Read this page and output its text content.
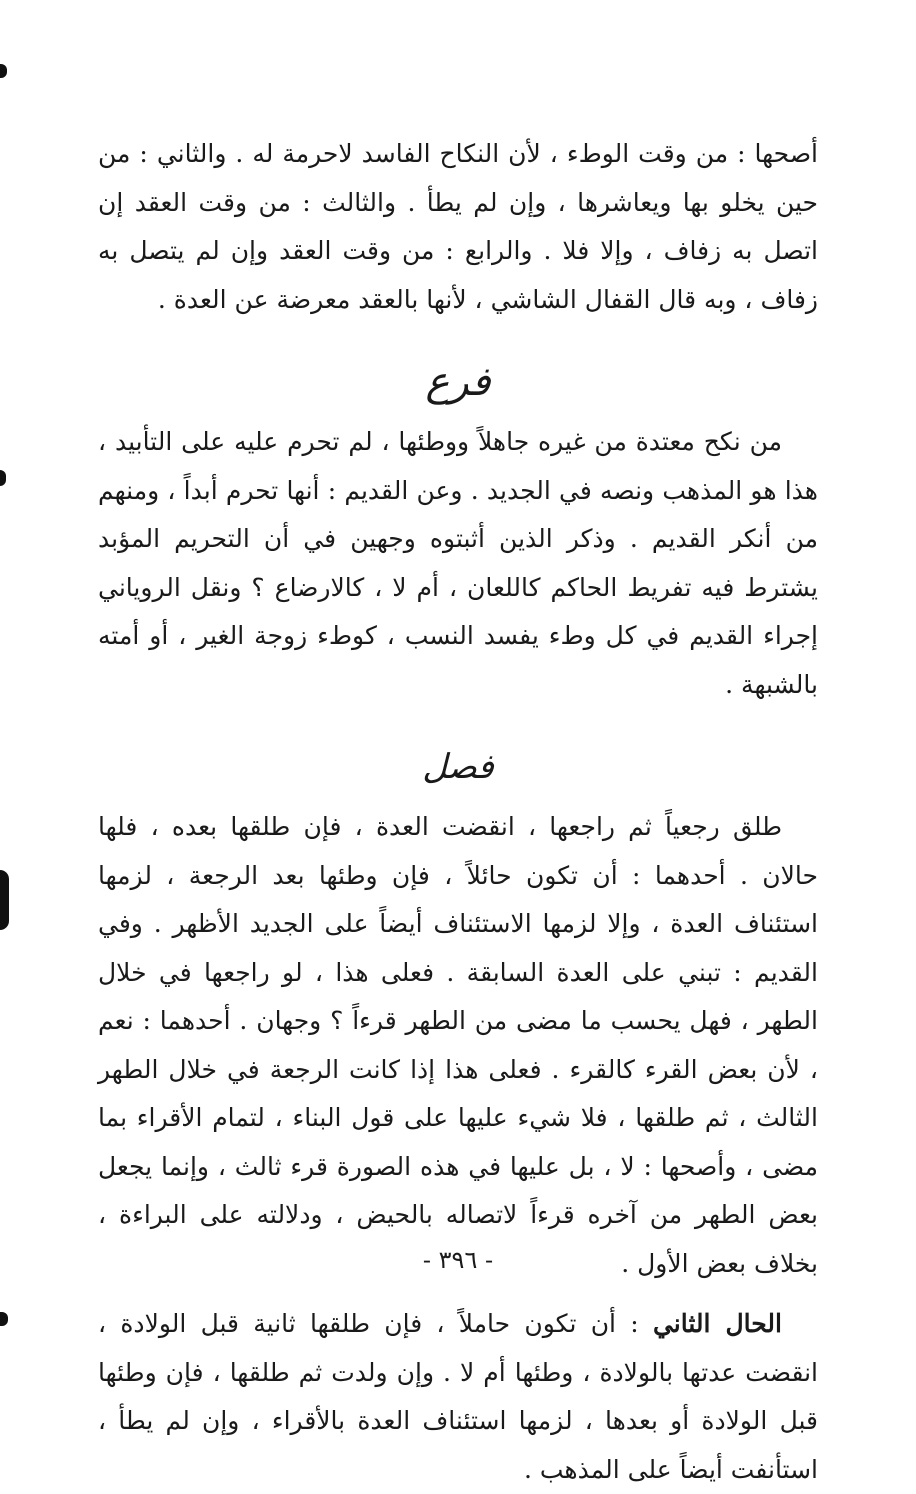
أصحها : من وقت الوطء ، لأن النكاح الفاسد لاحرمة له . والثاني : من حين يخلو بها ويعاشرها ، وإن لم يطأ . والثالث : من وقت العقد إن اتصل به زفاف ، وإلا فلا . والرابع : من وقت العقد وإن لم يتصل به زفاف ، وبه قال القفال الشاشي ، لأنها بالعقد معرضة عن العدة .

فرع

من نكح معتدة من غيره جاهلاً ووطئها ، لم تحرم عليه على التأبيد ، هذا هو المذهب ونصه في الجديد . وعن القديم : أنها تحرم أبداً ، ومنهم من أنكر القديم . وذكر الذين أثبتوه وجهين في أن التحريم المؤبد يشترط فيه تفريط الحاكم كاللعان ، أم لا ، كالارضاع ؟ ونقل الروياني إجراء القديم في كل وطء يفسد النسب ، كوطء زوجة الغير ، أو أمته بالشبهة .

فصل

طلق رجعياً ثم راجعها ، انقضت العدة ، فإن طلقها بعده ، فلها حالان . أحدهما : أن تكون حائلاً ، فإن وطئها بعد الرجعة ، لزمها استئناف العدة ، وإلا لزمها الاستئناف أيضاً على الجديد الأظهر . وفي القديم : تبني على العدة السابقة . فعلى هذا ، لو راجعها في خلال الطهر ، فهل يحسب ما مضى من الطهر قرءاً ؟ وجهان . أحدهما : نعم ، لأن بعض القرء كالقرء . فعلى هذا إذا كانت الرجعة في خلال الطهر الثالث ، ثم طلقها ، فلا شيء عليها على قول البناء ، لتمام الأقراء بما مضى ، وأصحها : لا ، بل عليها في هذه الصورة قرء ثالث ، وإنما يجعل بعض الطهر من آخره قرءاً لاتصاله بالحيض ، ودلالته على البراءة ، بخلاف بعض الأول .

الحال الثاني : أن تكون حاملاً ، فإن طلقها ثانية قبل الولادة ، انقضت عدتها بالولادة ، وطئها أم لا . وإن ولدت ثم طلقها ، فإن وطئها قبل الولادة أو بعدها ، لزمها استئناف العدة بالأقراء ، وإن لم يطأ ، استأنفت أيضاً على المذهب .

- ٣٩٦ -
